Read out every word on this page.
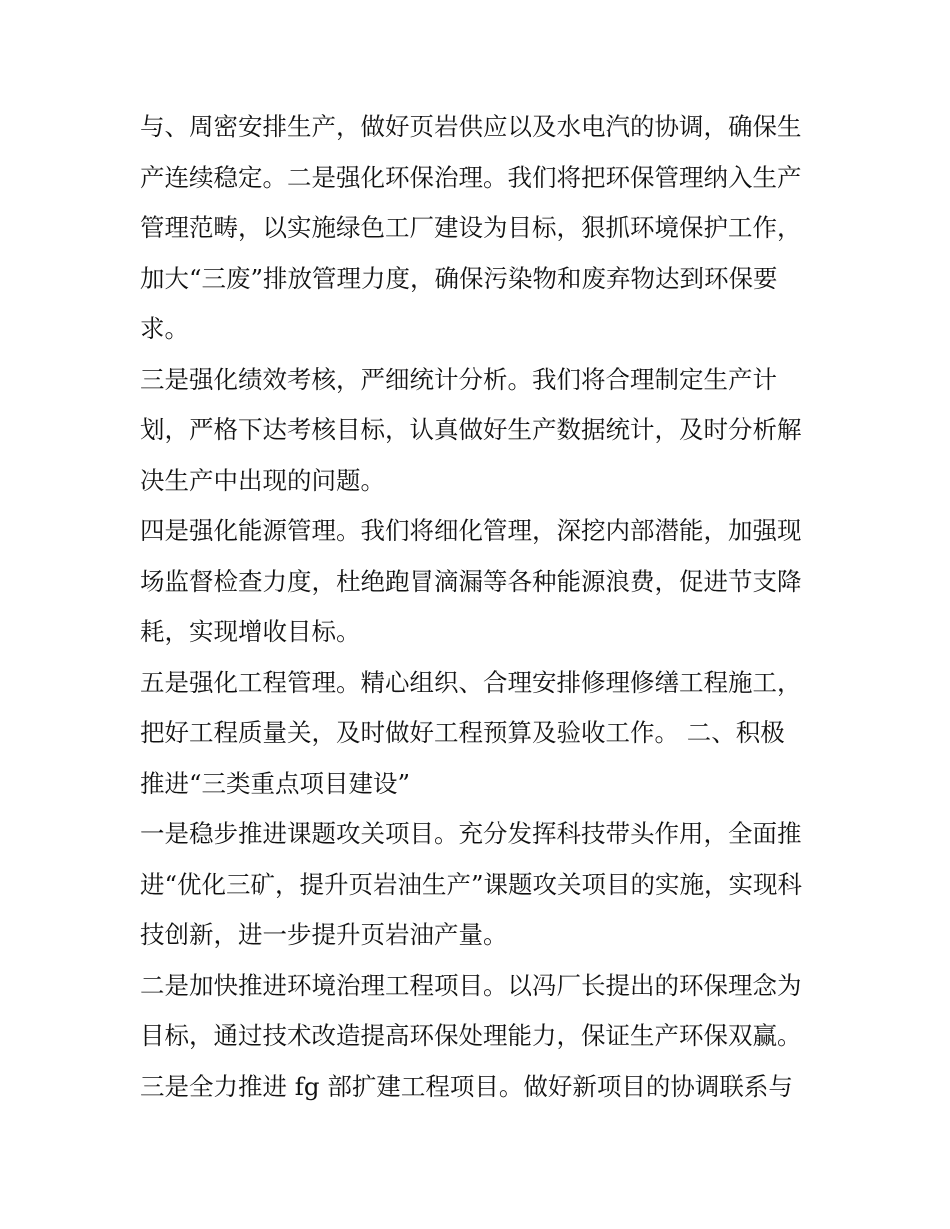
与、周密安排生产，做好页岩供应以及水电汽的协调，确保生
产连续稳定。二是强化环保治理。我们将把环保管理纳入生产
管理范畴，以实施绿色工厂建设为目标，狠抓环境保护工作，
加大“三废”排放管理力度，确保污染物和废弃物达到环保要
求。
三是强化绩效考核，严细统计分析。我们将合理制定生产计
划，严格下达考核目标，认真做好生产数据统计，及时分析解
决生产中出现的问题。
四是强化能源管理。我们将细化管理，深挖内部潜能，加强现
场监督检查力度，杜绝跑冒滴漏等各种能源浪费，促进节支降
耗，实现增收目标。
五是强化工程管理。精心组织、合理安排修理修缮工程施工，
把好工程质量关，及时做好工程预算及验收工作。 二、积极
推进“三类重点项目建设”
一是稳步推进课题攻关项目。充分发挥科技带头作用，全面推
进“优化三矿，提升页岩油生产”课题攻关项目的实施，实现科
技创新，进一步提升页岩油产量。
二是加快推进环境治理工程项目。以冯厂长提出的环保理念为
目标，通过技术改造提高环保处理能力，保证生产环保双赢。
三是全力推进 fg 部扩建工程项目。做好新项目的协调联系与
